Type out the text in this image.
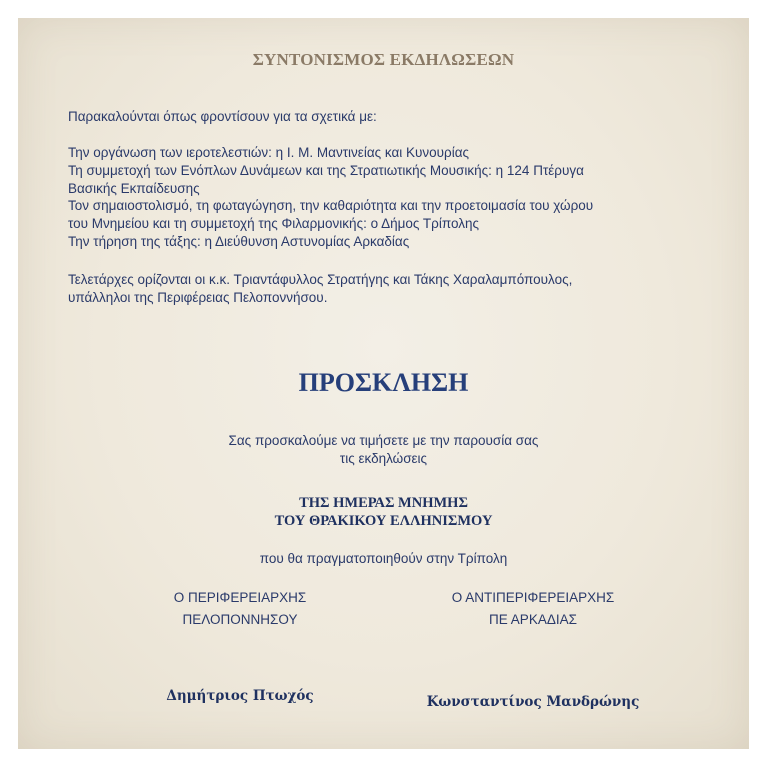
ΣΥΝΤΟΝΙΣΜΟΣ ΕΚΔΗΛΩΣΕΩΝ
Παρακαλούνται όπως φροντίσουν για τα σχετικά με:
Την οργάνωση των ιεροτελεστιών: η Ι. Μ. Μαντινείας και Κυνουρίας
Τη συμμετοχή των Ενόπλων Δυνάμεων και της Στρατιωτικής Μουσικής: η 124 Πτέρυγα
Βασικής Εκπαίδευσης
Τον σημαιοστολισμό, τη φωταγώγηση, την καθαριότητα και την προετοιμασία του χώρου
του Μνημείου και τη συμμετοχή της Φιλαρμονικής: ο Δήμος Τρίπολης
Την τήρηση της τάξης: η Διεύθυνση Αστυνομίας Αρκαδίας
Τελετάρχες ορίζονται οι κ.κ. Τριαντάφυλλος Στρατήγης και Τάκης Χαραλαμπόπουλος,
υπάλληλοι της Περιφέρειας Πελοποννήσου.
ΠΡΟΣΚΛΗΣΗ
Σας προσκαλούμε να τιμήσετε με την παρουσία σας
τις εκδηλώσεις
ΤΗΣ ΗΜΕΡΑΣ ΜΝΗΜΗΣ
ΤΟΥ ΘΡΑΚΙΚΟΥ ΕΛΛΗΝΙΣΜΟΥ
που θα πραγματοποιηθούν στην Τρίπολη
Ο ΠΕΡΙΦΕΡΕΙΑΡΧΗΣ
ΠΕΛΟΠΟΝΝΗΣΟΥ
Ο ΑΝΤΙΠΕΡΙΦΕΡΕΙΑΡΧΗΣ
ΠΕ ΑΡΚΑΔΙΑΣ
Δημήτριος Πτωχός	Κωνσταντίνος Μανδρώνης
